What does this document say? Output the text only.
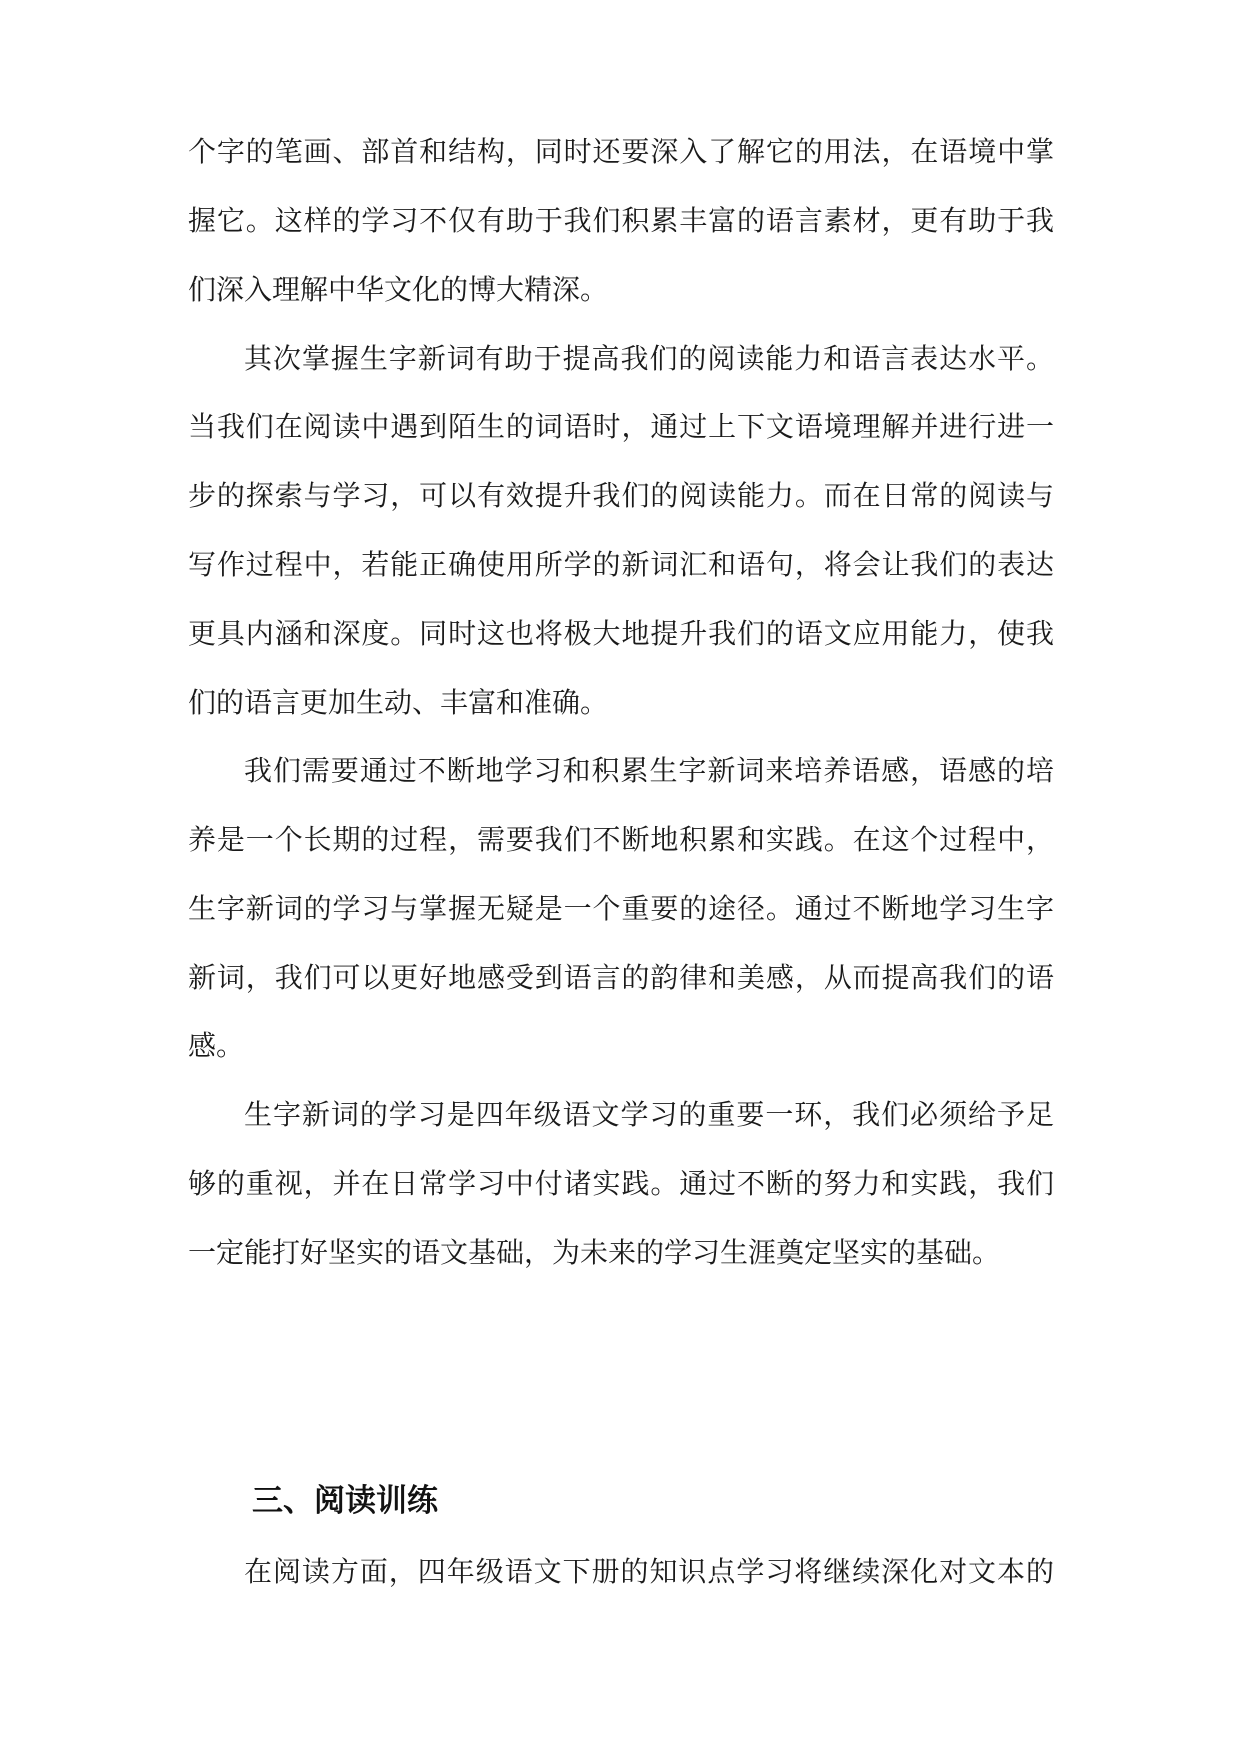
个字的笔画、部首和结构，同时还要深入了解它的用法，在语境中掌

握它。这样的学习不仅有助于我们积累丰富的语言素材，更有助于我

们深入理解中华文化的博大精深。

其次掌握生字新词有助于提高我们的阅读能力和语言表达水平。

当我们在阅读中遇到陌生的词语时，通过上下文语境理解并进行进一

步的探索与学习，可以有效提升我们的阅读能力。而在日常的阅读与

写作过程中，若能正确使用所学的新词汇和语句，将会让我们的表达

更具内涵和深度。同时这也将极大地提升我们的语文应用能力，使我

们的语言更加生动、丰富和准确。

我们需要通过不断地学习和积累生字新词来培养语感，语感的培

养是一个长期的过程，需要我们不断地积累和实践。在这个过程中，

生字新词的学习与掌握无疑是一个重要的途径。通过不断地学习生字

新词，我们可以更好地感受到语言的韵律和美感，从而提高我们的语

感。

生字新词的学习是四年级语文学习的重要一环，我们必须给予足

够的重视，并在日常学习中付诸实践。通过不断的努力和实践，我们

一定能打好坚实的语文基础，为未来的学习生涯奠定坚实的基础。

三、阅读训练

在阅读方面，四年级语文下册的知识点学习将继续深化对文本的
